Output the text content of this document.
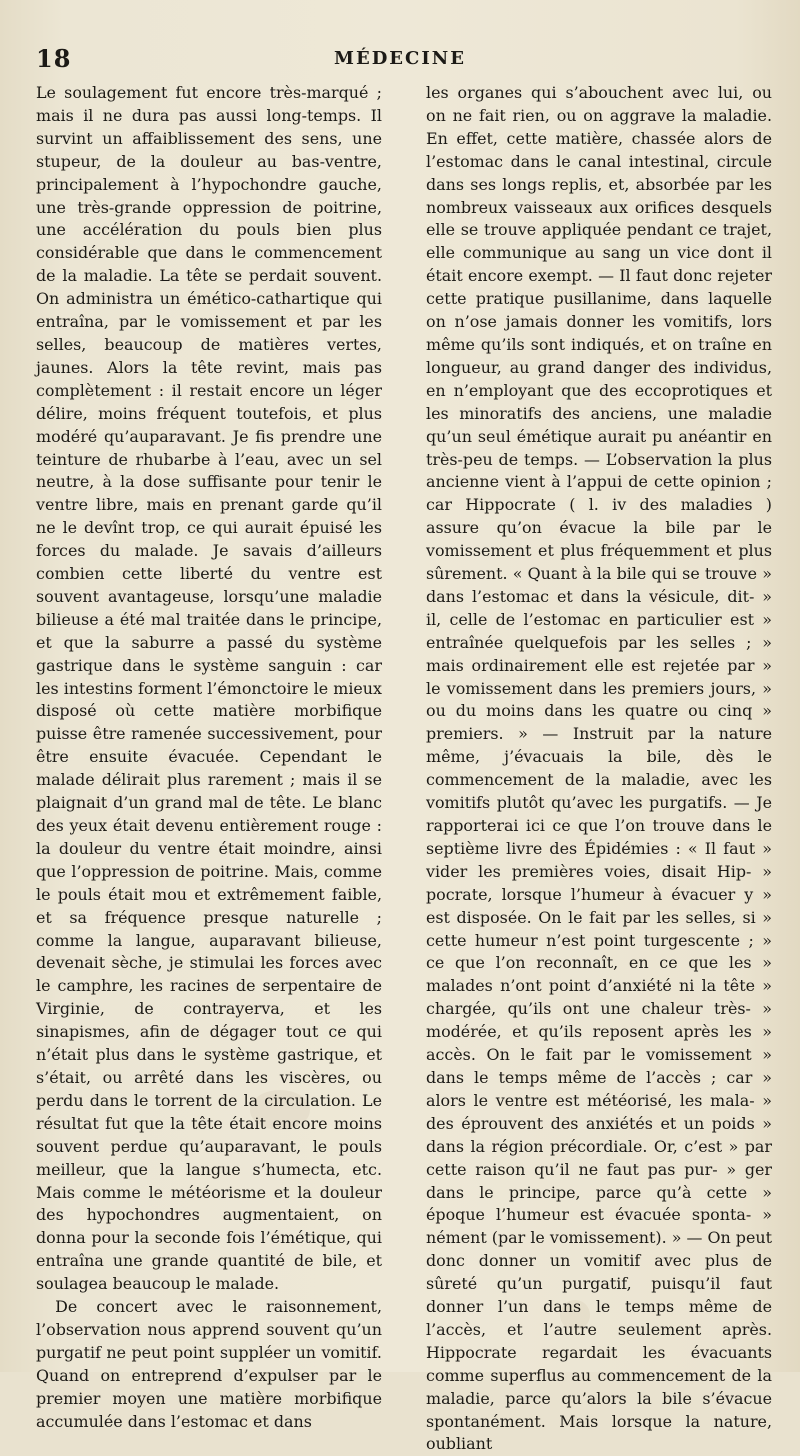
18	MÉDECINE

Le soulagement fut encore très-marqué ; mais il ne dura pas aussi long-temps. Il survint un affaiblissement des sens, une stupeur, de la douleur au bas-ventre, principalement à l’hypochondre gauche, une très-grande oppression de poitrine, une accélération du pouls bien plus considérable que dans le commencement de la maladie. La tête se perdait souvent. On administra un émético-cathartique qui entraîna, par le vomissement et par les selles, beaucoup de matières vertes, jaunes. Alors la tête revint, mais pas complètement : il restait encore un léger délire, moins fréquent toutefois, et plus modéré qu’auparavant. Je fis prendre une teinture de rhubarbe à l’eau, avec un sel neutre, à la dose suffisante pour tenir le ventre libre, mais en prenant garde qu’il ne le devînt trop, ce qui aurait épuisé les forces du malade. Je savais d’ailleurs combien cette liberté du ventre est souvent avantageuse, lorsqu’une maladie bilieuse a été mal traitée dans le principe, et que la saburre a passé du système gastrique dans le système sanguin : car les intestins forment l’émonctoire le mieux disposé où cette matière morbifique puisse être ramenée successivement, pour être ensuite évacuée. Cependant le malade délirait plus rarement ; mais il se plaignait d’un grand mal de tête. Le blanc des yeux était devenu entièrement rouge : la douleur du ventre était moindre, ainsi que l’oppression de poitrine. Mais, comme le pouls était mou et extrêmement faible, et sa fréquence presque naturelle ; comme la langue, auparavant bilieuse, devenait sèche, je stimulai les forces avec le camphre, les racines de serpentaire de Virginie, de contrayerva, et les sinapismes, afin de dégager tout ce qui n’était plus dans le système gastrique, et s’était, ou arrêté dans les viscères, ou perdu dans le torrent de la circulation. Le résultat fut que la tête était encore moins souvent perdue qu’auparavant, le pouls meilleur, que la langue s’humecta, etc. Mais comme le météorisme et la douleur des hypochondres augmentaient, on donna pour la seconde fois l’émétique, qui entraîna une grande quantité de bile, et soulagea beaucoup le malade.

De concert avec le raisonnement, l’observation nous apprend souvent qu’un purgatif ne peut point suppléer un vomitif. Quand on entreprend d’expulser par le premier moyen une matière morbifique accumulée dans l’estomac et dans

les organes qui s’abouchent avec lui, ou on ne fait rien, ou on aggrave la maladie. En effet, cette matière, chassée alors de l’estomac dans le canal intestinal, circule dans ses longs replis, et, absorbée par les nombreux vaisseaux aux orifices desquels elle se trouve appliquée pendant ce trajet, elle communique au sang un vice dont il était encore exempt. — Il faut donc rejeter cette pratique pusillanime, dans laquelle on n’ose jamais donner les vomitifs, lors même qu’ils sont indiqués, et on traîne en longueur, au grand danger des individus, en n’employant que des eccoprotiques et les minoratifs des anciens, une maladie qu’un seul émétique aurait pu anéantir en très-peu de temps. — L’observation la plus ancienne vient à l’appui de cette opinion ; car Hippocrate ( l. iv des maladies ) assure qu’on évacue la bile par le vomissement et plus fréquemment et plus sûrement. « Quant à la bile qui se trouve » dans l’estomac et dans la vésicule, dit- » il, celle de l’estomac en particulier est » entraînée quelquefois par les selles ; » mais ordinairement elle est rejetée par » le vomissement dans les premiers jours, » ou du moins dans les quatre ou cinq » premiers. » — Instruit par la nature même, j’évacuais la bile, dès le commencement de la maladie, avec les vomitifs plutôt qu’avec les purgatifs. — Je rapporterai ici ce que l’on trouve dans le septième livre des Épidémies : « Il faut » vider les premières voies, disait Hip- » pocrate, lorsque l’humeur à évacuer y » est disposée. On le fait par les selles, si » cette humeur n’est point turgescente ; » ce que l’on reconnaît, en ce que les » malades n’ont point d’anxiété ni la tête » chargée, qu’ils ont une chaleur très- » modérée, et qu’ils reposent après les » accès. On le fait par le vomissement » dans le temps même de l’accès ; car » alors le ventre est météorisé, les mala- » des éprouvent des anxiétés et un poids » dans la région précordiale. Or, c’est » par cette raison qu’il ne faut pas pur- » ger dans le principe, parce qu’à cette » époque l’humeur est évacuée sponta- » nément (par le vomissement). » — On peut donc donner un vomitif avec plus de sûreté qu’un purgatif, puisqu’il faut donner l’un dans le temps même de l’accès, et l’autre seulement après. Hippocrate regardait les évacuants comme superflus au commencement de la maladie, parce qu’alors la bile s’évacue spontanément. Mais lorsque la nature, oubliant
